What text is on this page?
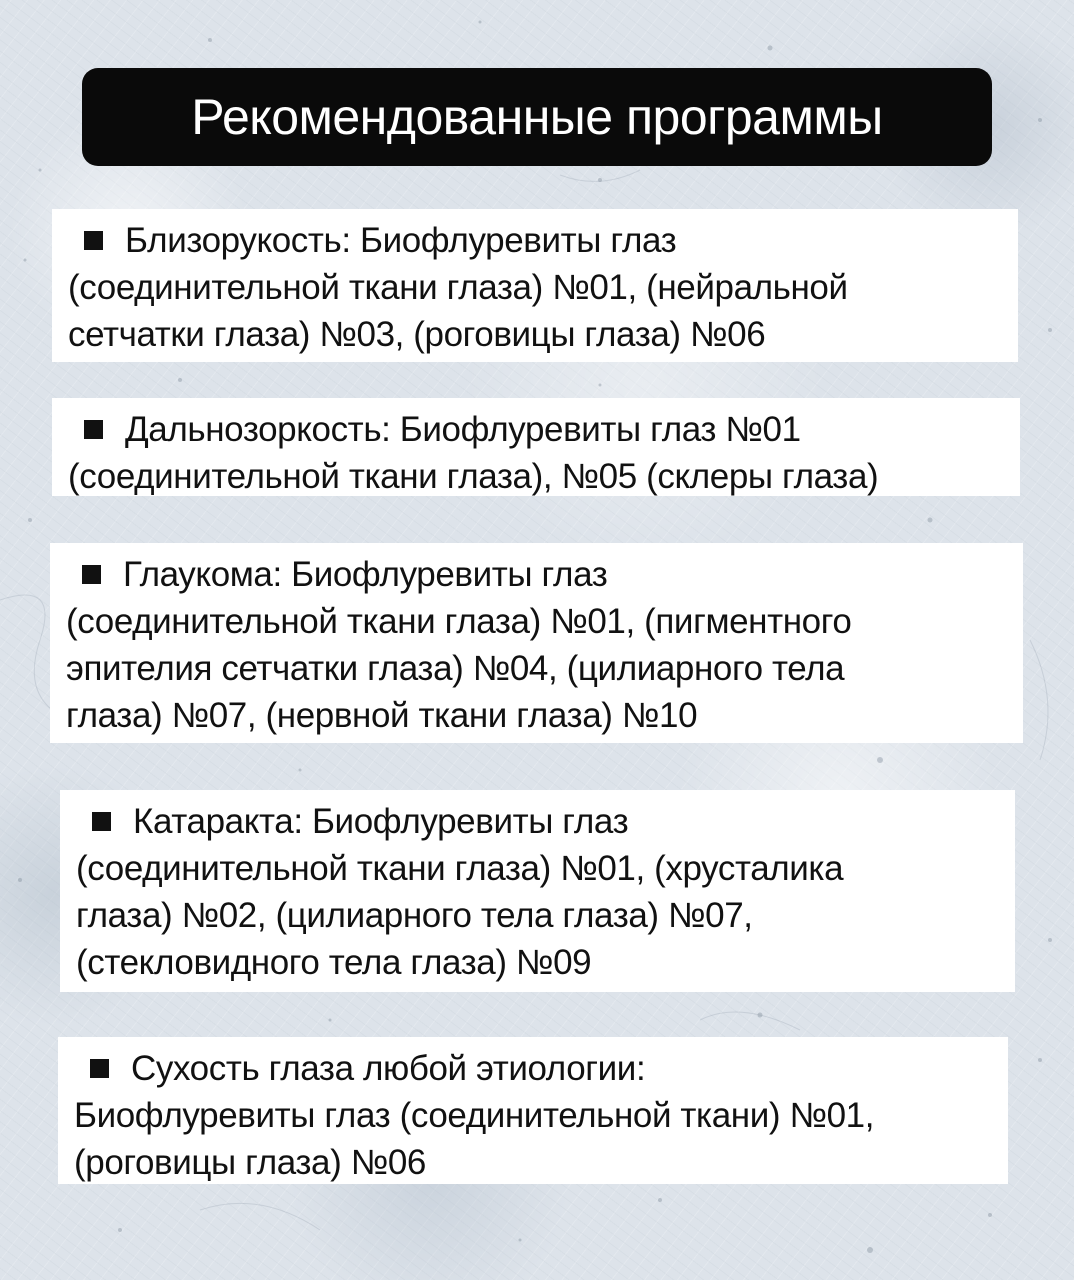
Рекомендованные программы
Близорукость: Биофлуревиты глаз
(соединительной ткани глаза) №01, (нейральной
сетчатки глаза) №03, (роговицы глаза) №06
Дальнозоркость: Биофлуревиты глаз №01
(соединительной ткани глаза), №05 (склеры глаза)
Глаукома: Биофлуревиты глаз
(соединительной ткани глаза) №01, (пигментного
эпителия сетчатки глаза) №04, (цилиарного тела
глаза) №07, (нервной ткани глаза) №10
Катаракта: Биофлуревиты глаз
(соединительной ткани глаза) №01, (хрусталика
глаза) №02, (цилиарного тела глаза) №07,
(стекловидного тела глаза) №09
Сухость глаза любой этиологии:
Биофлуревиты глаз (соединительной ткани) №01,
(роговицы глаза) №06
